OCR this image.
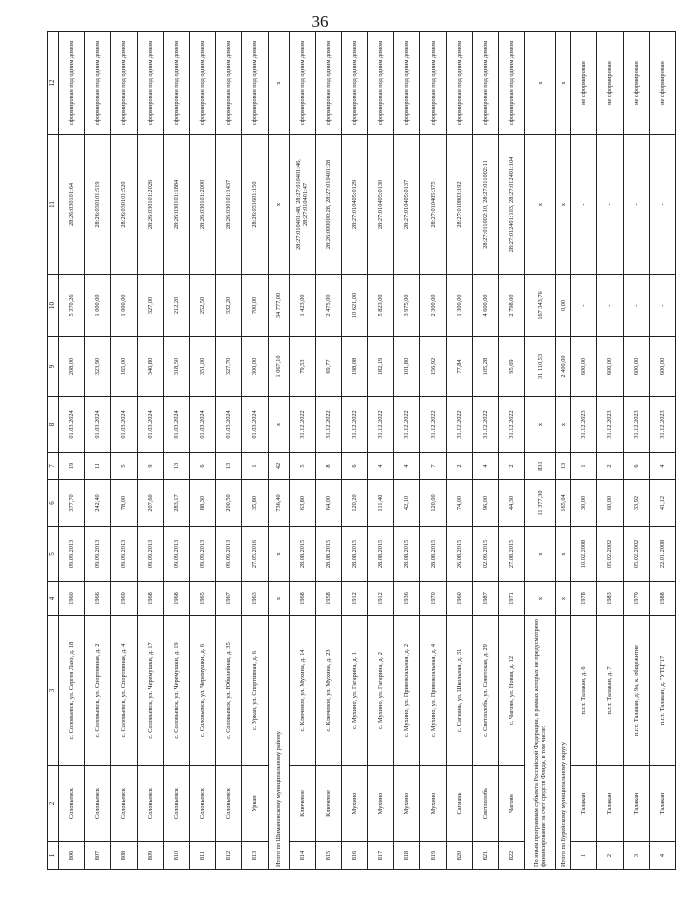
36
1	2	3	4	5	6	7	8	9	10	11	12
806	Соловьевск	с. Соловьевск, ул. Сергея Лазо, д. 18	1960	09.09.2013	377,70	19	01.03.2024	208,00	5 370,26	28:26:030101:64	сформирован под одним домом
807	Соловьевск	с. Соловьевск, ул. Спортивная, д. 2	1966	09.09.2013	242,40	11	01.03.2024	323,90	1 000,00	28:26:030101:519	сформирован под одним домом
808	Соловьевск	с. Соловьевск, ул. Спортивная, д. 4	1969	09.09.2013	78,00	5	01.03.2024	165,00	1 000,00	28:26:030101:520	сформирован под одним домом
809	Соловьевск	с. Соловьевск, ул. Черемушки, д. 17	1968	09.09.2013	207,60	9	01.03.2024	340,80	327,00	28:26:030101:2026	сформирован под одним домом
810	Соловьевск	с. Соловьевск, ул. Черемушки, д. 19	1968	09.09.2013	283,17	13	01.03.2024	318,50	212,20	28:26:030101:1884	сформирован под одним домом
811	Соловьевск	с. Соловьевск, ул. Черемушки, д. 6	1965	09.09.2013	88,30	6	01.03.2024	351,00	252,50	28:26:030101:2000	сформирован под одним домом
812	Соловьевск	с. Соловьевск, ул. Юбилейная, д. 35	1967	09.09.2013	200,50	13	01.03.2024	327,70	332,20	28:26:030101:1437	сформирован под одним домом
813	Уркан	с. Уркан, ул. Спортивная, д. 6	1963	27.05.2016	35,80	1	01.03.2024	300,00	700,00	28:26:031601:150	сформирован под одним домом
Итого по Шимановскому муниципальному району			x	x	736,40	42	x	1 067,10	34 777,00	x	x
814	Ключевое	с. Ключевое, ул. Мухина, д. 14	1968	28.08.2015	63,80	5	31.12.2022	79,53	1 423,00	28:27:010401:48, 28:27:010401:46, 28:27:010401:47	сформирован под одним домом
815	Ключевое	с. Ключевое, ул. Мухина, д. 23	1958	28.08.2015	64,00	8	31.12.2022	69,77	2 475,00	28:26:000000:28, 28:27:010401:28	сформирован под одним домом
816	Мухино	с. Мухино, ул. Гагарина, д. 1	1912	28.08.2015	120,20	6	31.12.2022	198,08	10 621,00	28:27:010405:0129	сформирован под одним домом
817	Мухино	с. Мухино, ул. Гагарина, д. 2	1912	28.08.2015	111,40	4	31.12.2022	182,19	5 823,00	28:27:010405:0130	сформирован под одним домом
818	Мухино	с. Мухино, ул. Привокзальная, д. 2	1936	28.08.2015	42,10	4	31.12.2022	101,80	3 975,00	28:27:010405:0137	сформирован под одним домом
819	Мухино	с. Мухино, ул. Привокзальная, д. 4	1970	28.08.2015	120,00	7	31.12.2022	156,92	2 300,00	28:27:010405:375	сформирован под одним домом
820	Сагиань	с. Сагиань, ул. Школьная, д. 31	1960	26.08.2015	74,00	2	31.12.2022	77,84	1 300,00	28:27:010803:192	сформирован под одним домом
821	Светлолобь	с. Светлолобь, ул. Советская, д. 29	1987	02.09.2015	96,00	4	31.12.2022	105,28	4 600,00	28:27:011002:10, 28:27:011002:11	сформирован под одним домом
822	Чагоян	с. Чагоян, ул. Новая, д. 12	1971	27.08.2015	44,30	2	31.12.2022	95,69	2 798,00	28:27:012401:103, 28:27:012401:104	сформирован под одним домом
По иным программам субъекта Российской Федерации, в рамках которых не предусмотрено финансирование за счет средств Фонда, в том числе:			x	x	11 377,30	831	x	31 110,53	167 343,76	x	x
Итого по Бурейскому муниципальному округу			x	x	165,04	13	x	2 400,00	0,00	x	x
1	Талакан	п.г.т. Талакан, д. 6	1978	10.02.2008	30,00	1	31.12.2023	600,00	-	-	не сформирован
2	Талакан	п.г.т. Талакан, д. 7	1983	05.02.2002	60,00	2	31.12.2023	600,00	-	-	не сформирован
3	Талакан	п.г.т. Талакан, д. 9а, к. общежитие	1979	05.02.2002	33,92	6	31.12.2023	600,00	-	-	не сформирован
4	Талакан	п.г.т. Талакан, д. "УТЦ"17	1988	22.01.2008	41,12	4	31.12.2023	600,00	-	-	не сформирован
